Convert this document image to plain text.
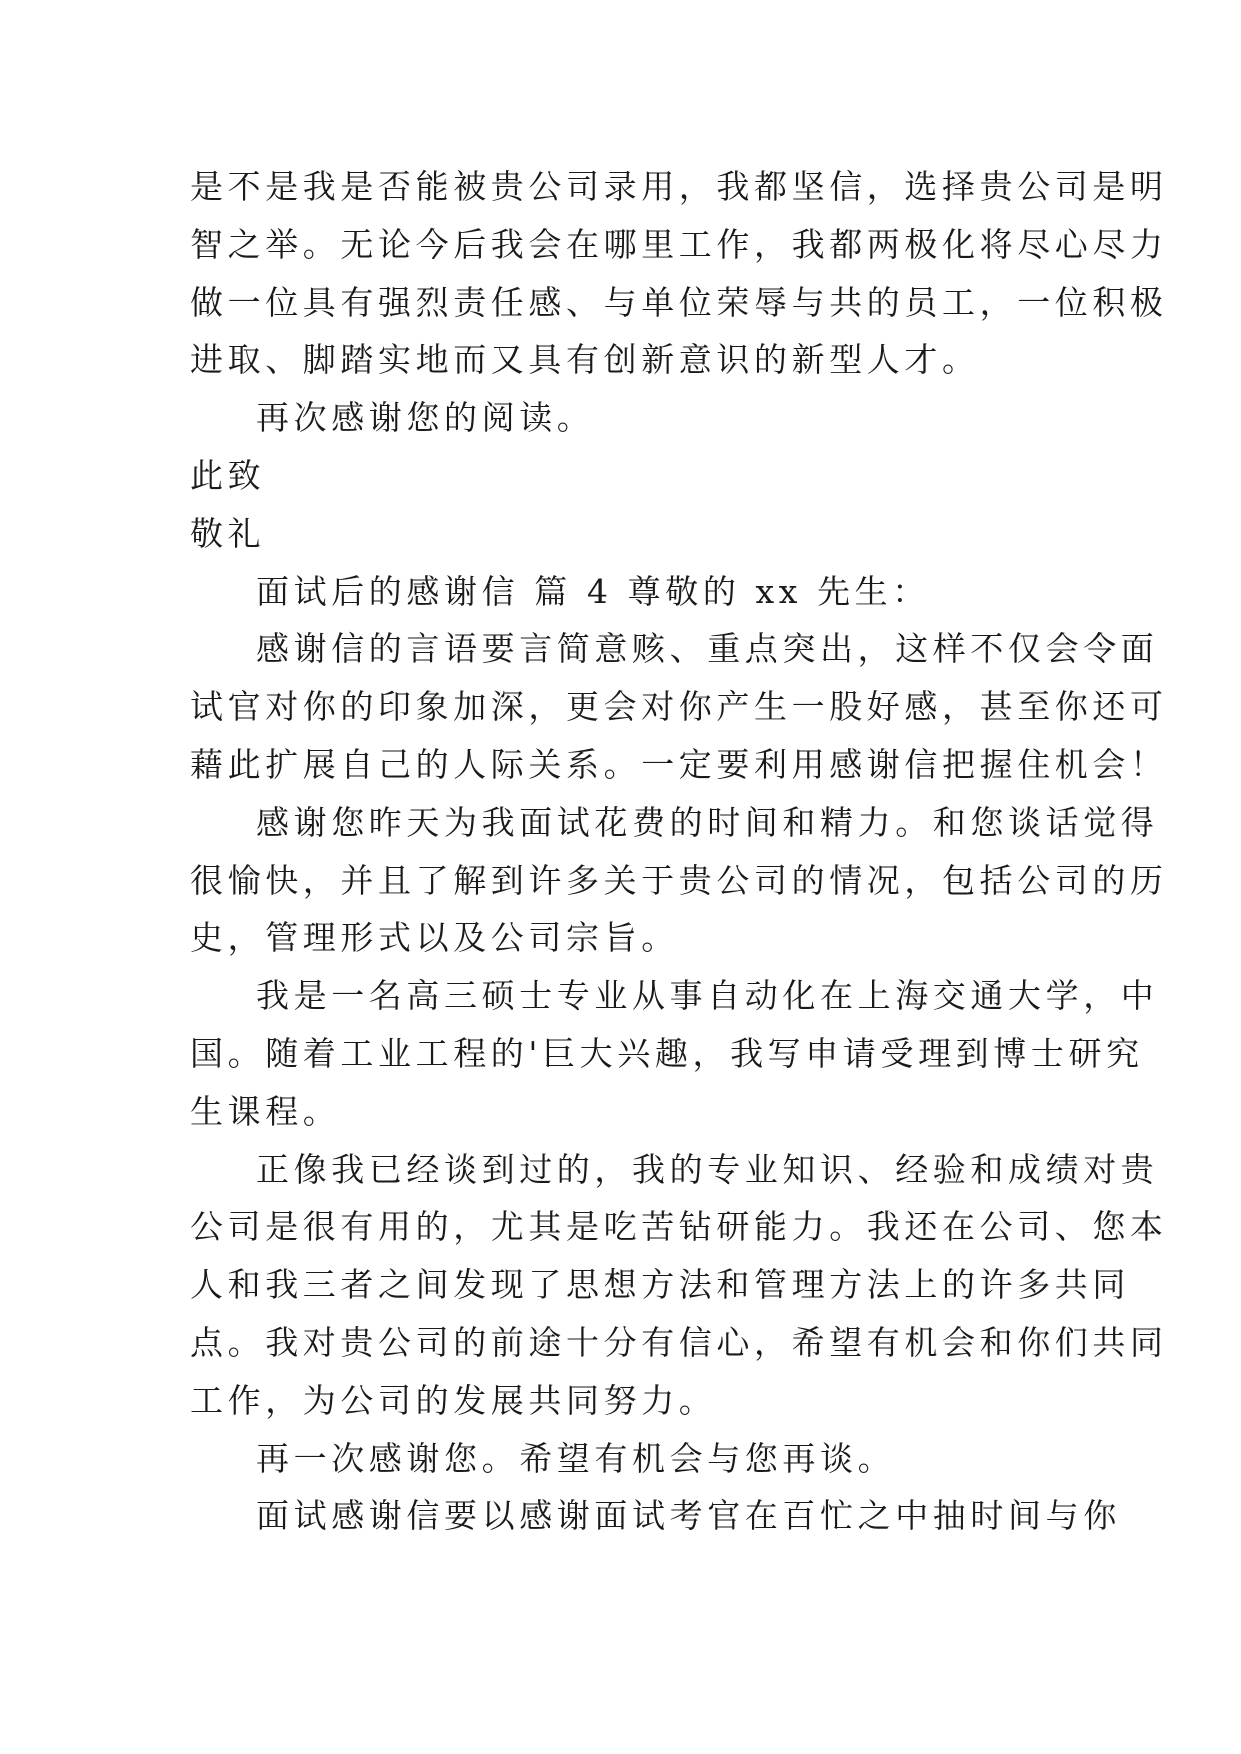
是不是我是否能被贵公司录用，我都坚信，选择贵公司是明
智之举。无论今后我会在哪里工作，我都两极化将尽心尽力
做一位具有强烈责任感、与单位荣辱与共的员工，一位积极
进取、脚踏实地而又具有创新意识的新型人才。
再次感谢您的阅读。
此致
敬礼
面试后的感谢信 篇 4 尊敬的 xx 先生：
感谢信的言语要言简意赅、重点突出，这样不仅会令面
试官对你的印象加深，更会对你产生一股好感，甚至你还可
藉此扩展自己的人际关系。一定要利用感谢信把握住机会！
感谢您昨天为我面试花费的时间和精力。和您谈话觉得
很愉快，并且了解到许多关于贵公司的情况，包括公司的历
史，管理形式以及公司宗旨。
我是一名高三硕士专业从事自动化在上海交通大学，中
国。随着工业工程的'巨大兴趣，我写申请受理到博士研究
生课程。
正像我已经谈到过的，我的专业知识、经验和成绩对贵
公司是很有用的，尤其是吃苦钻研能力。我还在公司、您本
人和我三者之间发现了思想方法和管理方法上的许多共同
点。我对贵公司的前途十分有信心，希望有机会和你们共同
工作，为公司的发展共同努力。
再一次感谢您。希望有机会与您再谈。
面试感谢信要以感谢面试考官在百忙之中抽时间与你
